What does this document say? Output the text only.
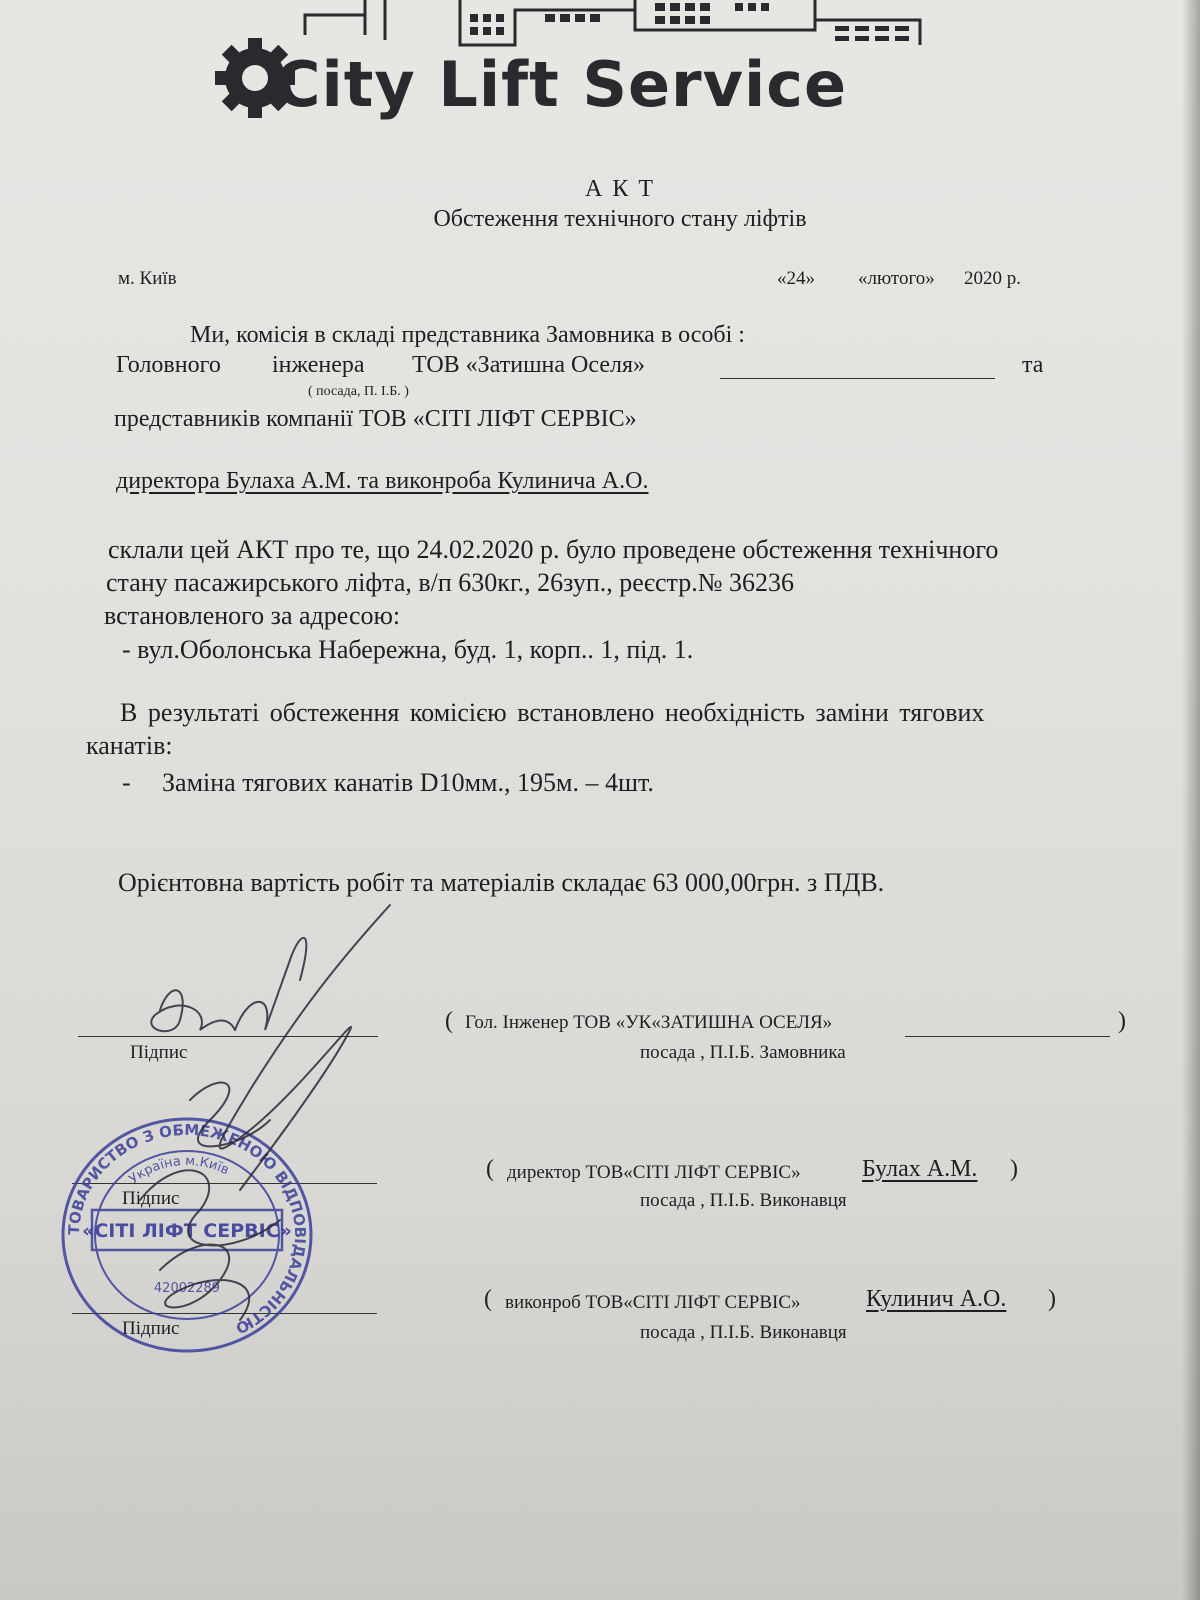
City Lift Service
А К Т
Обстеження технічного стану ліфтів
м. Київ	«24» «лютого» 2020 р.
Ми, комісія в складі представника Замовника в особі :
Головного інженера ТОВ «Затишна Оселя»	та
( посада, П. І.Б. )
представників компанії ТОВ «СІТІ ЛІФТ СЕРВІС»
директора Булаха А.М. та виконроба Кулинича А.О.
склали цей АКТ про те, що 24.02.2020 р. було проведене обстеження технічного
стану пасажирського ліфта, в/п 630кг., 26зуп., реєстр.№ 36236
встановленого за адресою:
- вул.Оболонська Набережна, буд. 1, корп.. 1, під. 1.
В результаті обстеження комісією встановлено необхідність заміни тягових
канатів:
- Заміна тягових канатів D10мм., 195м. – 4шт.
Орієнтовна вартість робіт та матеріалів складає 63 000,00грн. з ПДВ.
Підпис
( Гол. Інженер ТОВ «УК«ЗАТИШНА ОСЕЛЯ»	)
посада , П.І.Б. Замовника
Підпис
( директор ТОВ«СІТІ ЛІФТ СЕРВІС»	Булах А.М. )
посада , П.І.Б. Виконавця
Підпис
( виконроб ТОВ«СІТІ ЛІФТ СЕРВІС»	Кулинич А.О. )
посада , П.І.Б. Виконавця
ТОВАРИСТВО З ОБМЕЖЕНОЮ ВІДПОВІДАЛЬНІСТЮ
Україна м.Київ
«СІТІ ЛІФТ СЕРВІС»
42002289
